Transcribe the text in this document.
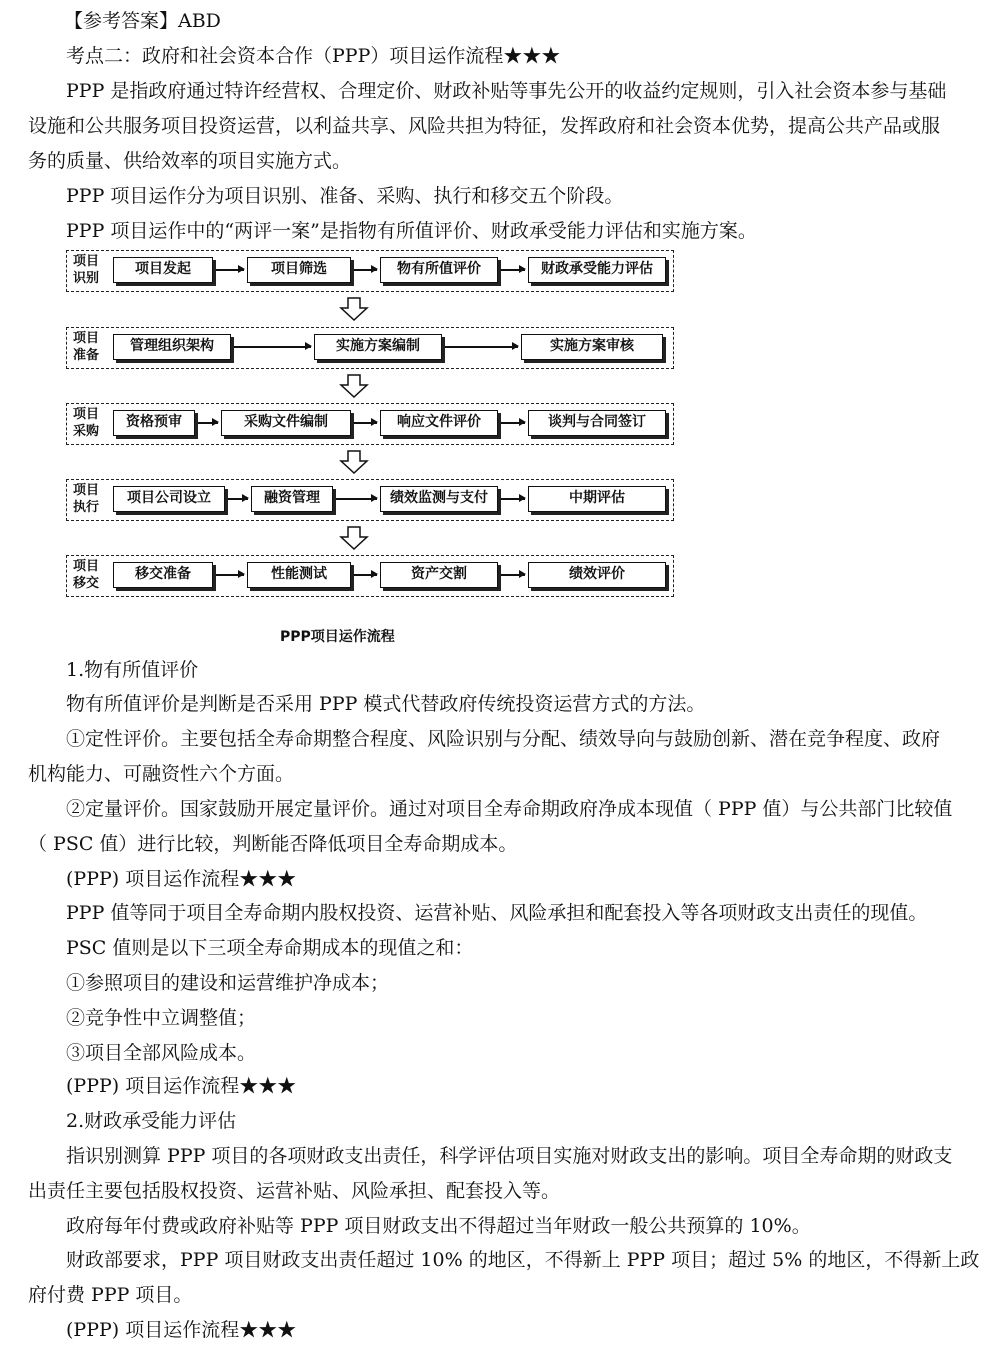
【参考答案】ABD
考点二：政府和社会资本合作（PPP）项目运作流程★★★
PPP 是指政府通过特许经营权、合理定价、财政补贴等事先公开的收益约定规则，引入社会资本参与基础
设施和公共服务项目投资运营，以利益共享、风险共担为特征，发挥政府和社会资本优势，提高公共产品或服
务的质量、供给效率的项目实施方式。
PPP 项目运作分为项目识别、准备、采购、执行和移交五个阶段。
PPP 项目运作中的“两评一案”是指物有所值评价、财政承受能力评估和实施方案。
项目
识别
项目发起	项目筛选	物有所值评价	财政承受能力评估
项目
准备
管理组织架构	实施方案编制	实施方案审核
项目
采购
资格预审	采购文件编制	响应文件评价	谈判与合同签订
项目
执行
项目公司设立	融资管理	绩效监测与支付	中期评估
项目
移交
移交准备	性能测试	资产交割	绩效评价
PPP项目运作流程
1.物有所值评价
物有所值评价是判断是否采用 PPP 模式代替政府传统投资运营方式的方法。
①定性评价。主要包括全寿命期整合程度、风险识别与分配、绩效导向与鼓励创新、潜在竞争程度、政府
机构能力、可融资性六个方面。
②定量评价。国家鼓励开展定量评价。通过对项目全寿命期政府净成本现值（ PPP 值）与公共部门比较值
（ PSC 值）进行比较，判断能否降低项目全寿命期成本。
(PPP) 项目运作流程★★★
PPP 值等同于项目全寿命期内股权投资、运营补贴、风险承担和配套投入等各项财政支出责任的现值。
PSC 值则是以下三项全寿命期成本的现值之和：
①参照项目的建设和运营维护净成本；
②竞争性中立调整值；
③项目全部风险成本。
(PPP) 项目运作流程★★★
2.财政承受能力评估
指识别测算 PPP 项目的各项财政支出责任，科学评估项目实施对财政支出的影响。项目全寿命期的财政支
出责任主要包括股权投资、运营补贴、风险承担、配套投入等。
政府每年付费或政府补贴等 PPP 项目财政支出不得超过当年财政一般公共预算的 10%。
财政部要求，PPP 项目财政支出责任超过 10% 的地区，不得新上 PPP 项目；超过 5% 的地区，不得新上政
府付费 PPP 项目。
(PPP) 项目运作流程★★★
